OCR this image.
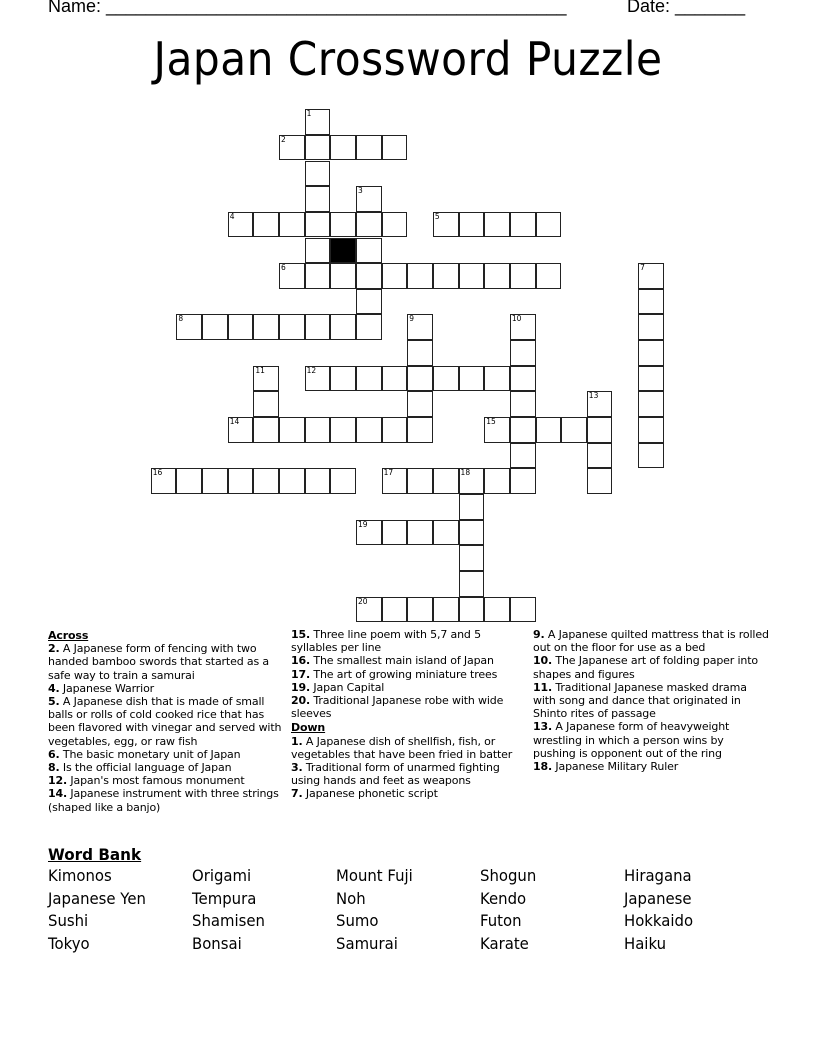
Name: ______________________________________________	Date: _______
Japan Crossword Puzzle
1
2
3
4	5
6	7
8	9	10
11	12
13
14	15
16	17	18
19
20
Across
2. A Japanese form of fencing with two handed bamboo swords that started as a safe way to train a samurai
4. Japanese Warrior
5. A Japanese dish that is made of small balls or rolls of cold cooked rice that has been flavored with vinegar and served with vegetables, egg, or raw fish
6. The basic monetary unit of Japan
8. Is the official language of Japan
12. Japan's most famous monument
14. Japanese instrument with three strings (shaped like a banjo)
15. Three line poem with 5,7 and 5 syllables per line
16. The smallest main island of Japan
17. The art of growing miniature trees
19. Japan Capital
20. Traditional Japanese robe with wide sleeves
Down
1. A Japanese dish of shellfish, fish, or vegetables that have been fried in batter
3. Traditional form of unarmed fighting using hands and feet as weapons
7. Japanese phonetic script
9. A Japanese quilted mattress that is rolled out on the floor for use as a bed
10. The Japanese art of folding paper into shapes and figures
11. Traditional Japanese masked drama with song and dance that originated in Shinto rites of passage
13. A Japanese form of heavyweight wrestling in which a person wins by pushing is opponent out of the ring
18. Japanese Military Ruler
Word Bank
Kimonos	Origami	Mount Fuji	Shogun	Hiragana
Japanese Yen	Tempura	Noh	Kendo	Japanese
Sushi	Shamisen	Sumo	Futon	Hokkaido
Tokyo	Bonsai	Samurai	Karate	Haiku
